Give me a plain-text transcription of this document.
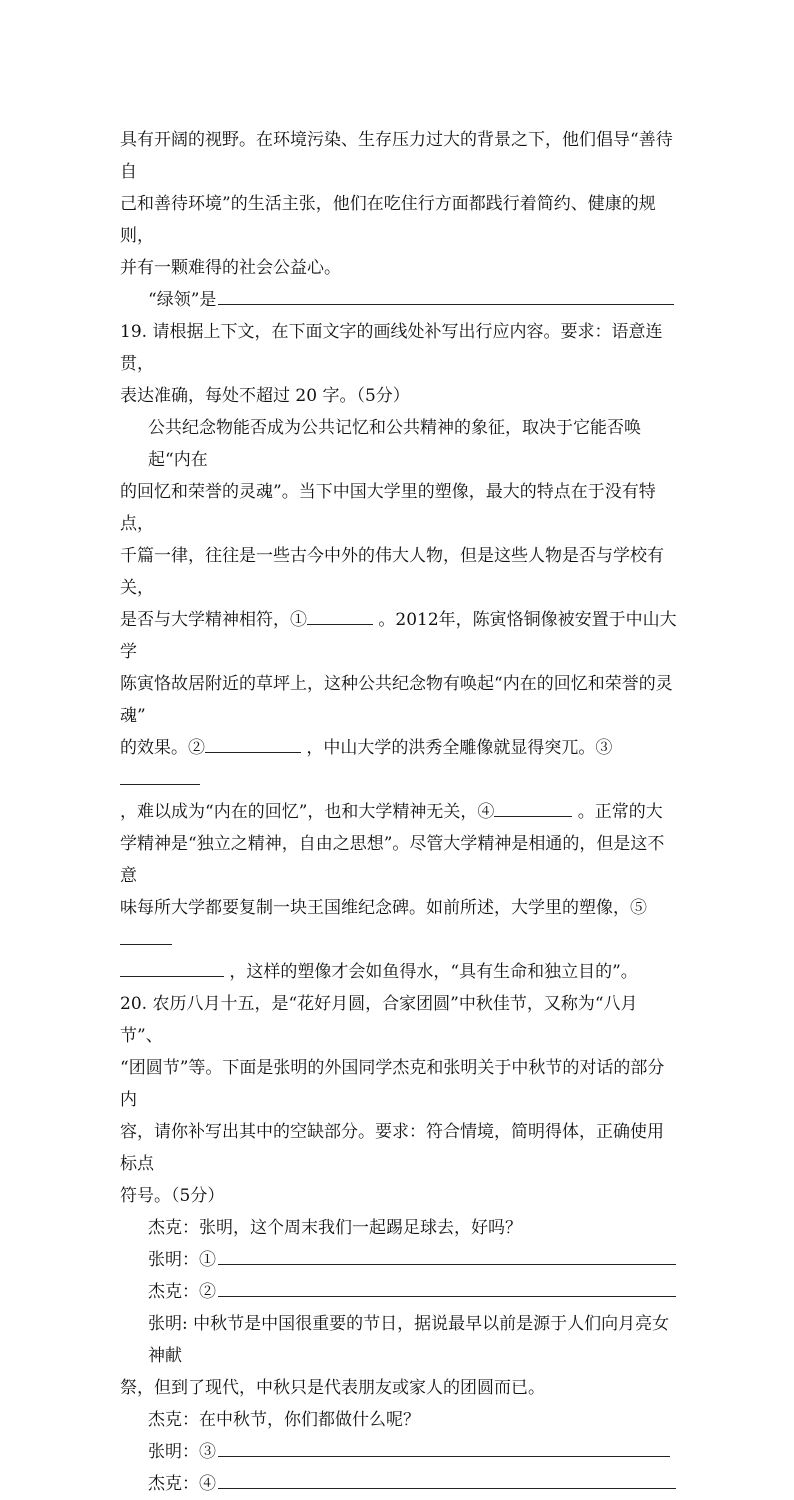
具有开阔的视野。在环境污染、生存压力过大的背景之下，他们倡导“善待自

己和善待环境”的生活主张，他们在吃住行方面都践行着简约、健康的规则，

并有一颗难得的社会公益心。

“绿领”是

19. 请根据上下文，在下面文字的画线处补写出行应内容。要求：语意连贯，

表达准确，每处不超过 20 字。（5分）

公共纪念物能否成为公共记忆和公共精神的象征，取决于它能否唤起“内在

的回忆和荣誉的灵魂”。当下中国大学里的塑像，最大的特点在于没有特点，

千篇一律，往往是一些古今中外的伟大人物，但是这些人物是否与学校有关，

是否与大学精神相符，①	。2012年，陈寅恪铜像被安置于中山大学

陈寅恪故居附近的草坪上，这种公共纪念物有唤起“内在的回忆和荣誉的灵魂”

的效果。②	，中山大学的洪秀全雕像就显得突兀。③

，难以成为“内在的回忆”，也和大学精神无关，④	。正常的大

学精神是“独立之精神，自由之思想”。尽管大学精神是相通的，但是这不意

味每所大学都要复制一块王国维纪念碑。如前所述，大学里的塑像，⑤

，这样的塑像才会如鱼得水，“具有生命和独立目的”。

20. 农历八月十五，是“花好月圆，合家团圆”中秋佳节，又称为“八月节”、

“团圆节”等。下面是张明的外国同学杰克和张明关于中秋节的对话的部分内

容，请你补写出其中的空缺部分。要求：符合情境，简明得体，正确使用标点

符号。（5分）

杰克：张明，这个周末我们一起踢足球去，好吗？

张明：①
杰克：②

张明: 中秋节是中国很重要的节日，据说最早以前是源于人们向月亮女神献

祭，但到了现代，中秋只是代表朋友或家人的团圆而已。

杰克：在中秋节，你们都做什么呢？

张明：③
杰克：④
